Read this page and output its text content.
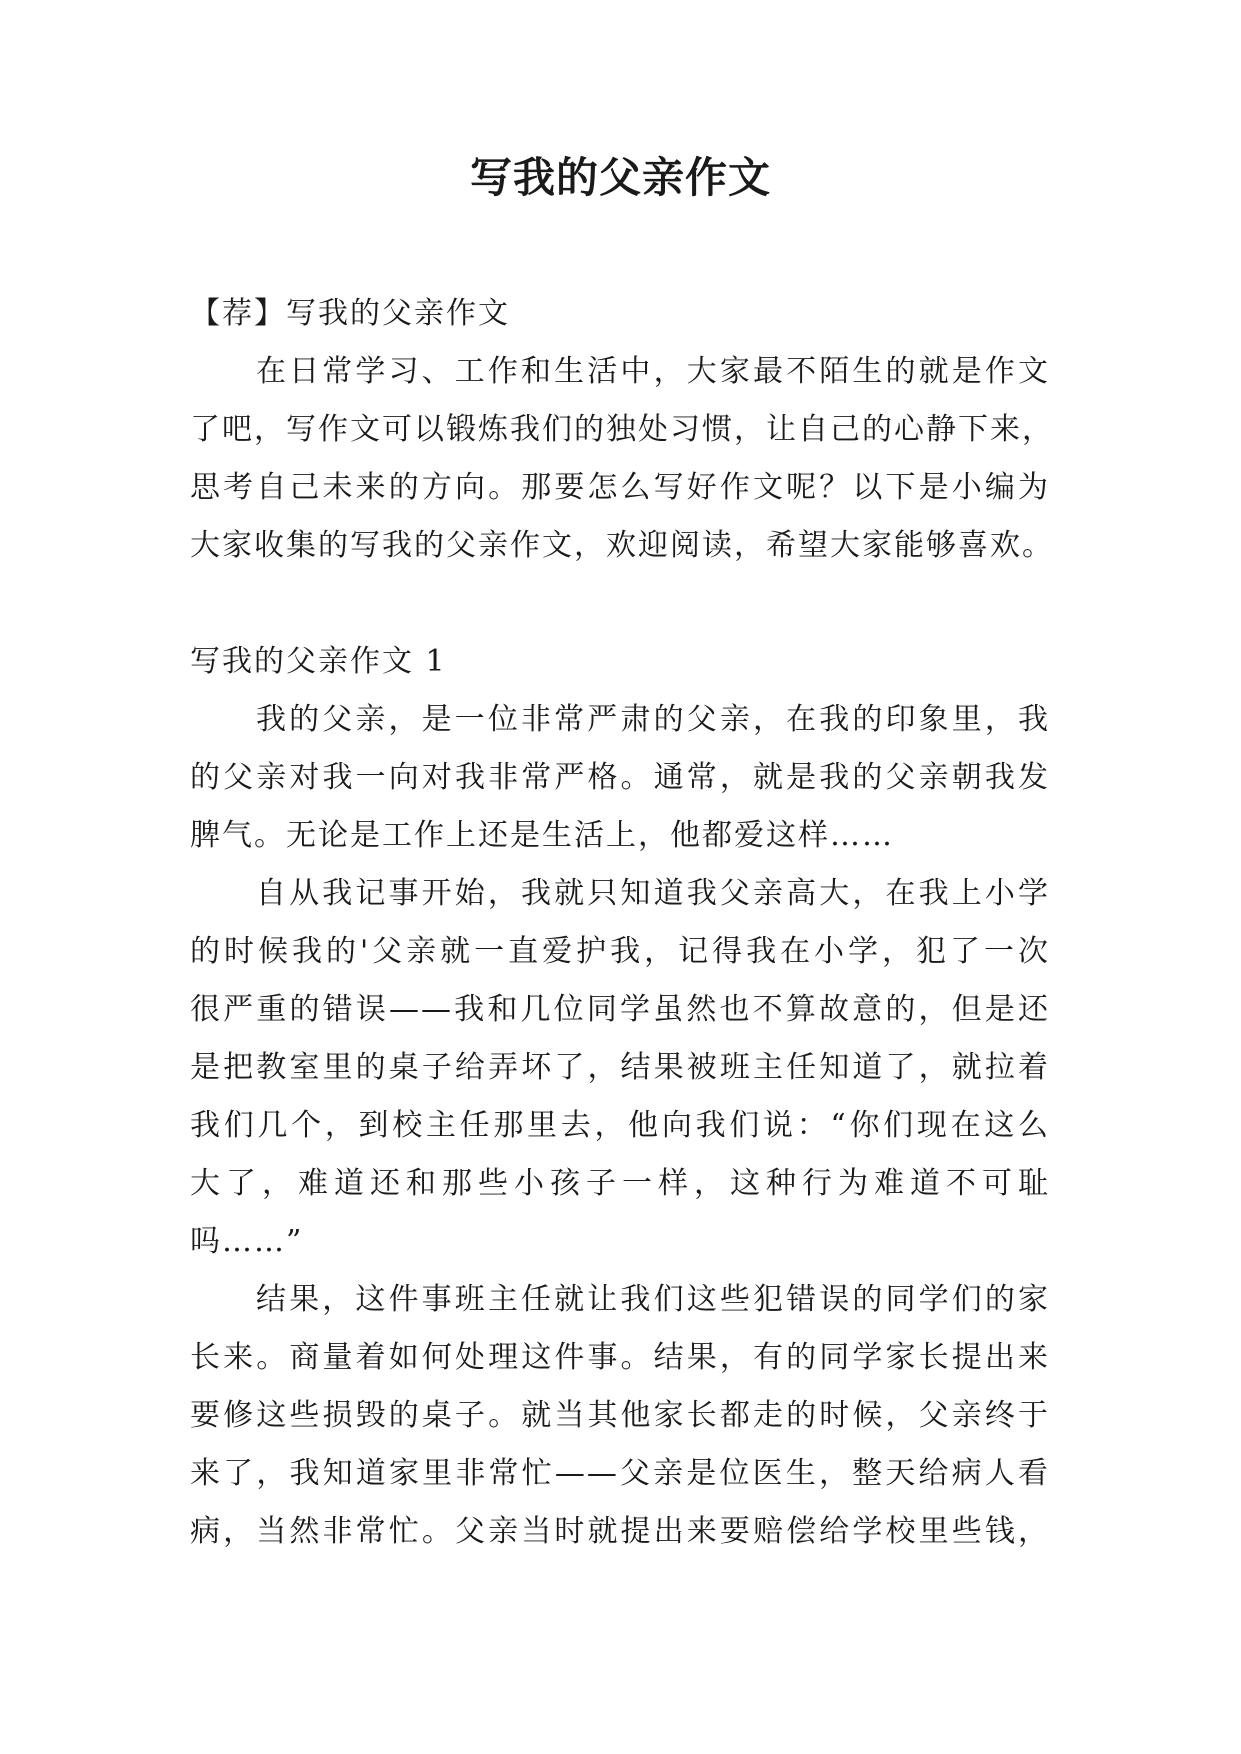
写我的父亲作文

【荐】写我的父亲作文

在日常学习、工作和生活中，大家最不陌生的就是作文

了吧，写作文可以锻炼我们的独处习惯，让自己的心静下来，

思考自己未来的方向。那要怎么写好作文呢？以下是小编为

大家收集的写我的父亲作文，欢迎阅读，希望大家能够喜欢。

写我的父亲作文 1

我的父亲，是一位非常严肃的父亲，在我的印象里，我

的父亲对我一向对我非常严格。通常，就是我的父亲朝我发

脾气。无论是工作上还是生活上，他都爱这样……

自从我记事开始，我就只知道我父亲高大，在我上小学

的时候我的'父亲就一直爱护我，记得我在小学，犯了一次

很严重的错误——我和几位同学虽然也不算故意的，但是还

是把教室里的桌子给弄坏了，结果被班主任知道了，就拉着

我们几个，到校主任那里去，他向我们说：“你们现在这么

大了，难道还和那些小孩子一样，这种行为难道不可耻

吗……”

结果，这件事班主任就让我们这些犯错误的同学们的家

长来。商量着如何处理这件事。结果，有的同学家长提出来

要修这些损毁的桌子。就当其他家长都走的时候，父亲终于

来了，我知道家里非常忙——父亲是位医生，整天给病人看

病，当然非常忙。父亲当时就提出来要赔偿给学校里些钱，
